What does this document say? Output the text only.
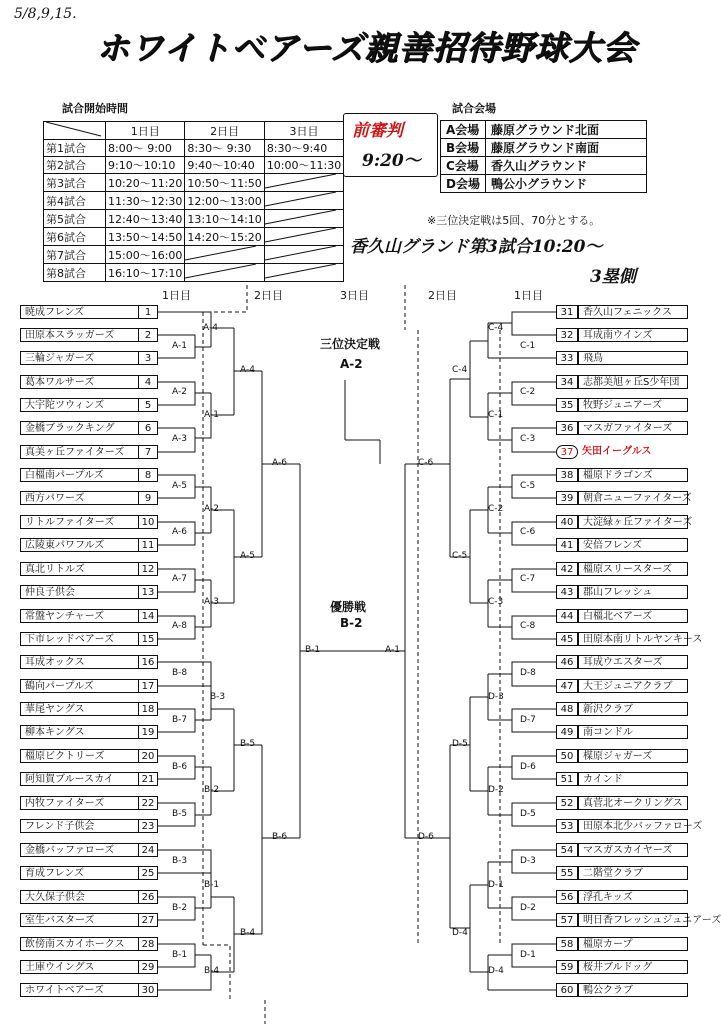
5/8,9,15.
ホワイトベアーズ親善招待野球大会
試合開始時間	試合会場
	1日目	2日目	3日目
第1試合	8:00～ 9:00	8:30～ 9:30	8:30～9:40
第2試合	9:10～10:10	9:40～10:40	10:00～11:30
第3試合	10:20～11:20	10:50～11:50	
第4試合	11:30～12:30	12:00～13:00	
第5試合	12:40～13:40	13:10～14:10	
第6試合	13:50～14:50	14:20～15:20	
第7試合	15:00～16:00		
第8試合	16:10～17:10		
前審判
9:20～
A会場	藤原グラウンド北面
B会場	藤原グラウンド南面
C会場	香久山グラウンド
D会場	鴨公小グラウンド
※三位決定戦は5回、70分とする。
香久山グランド第3試合10:20～
3塁側
1日目	2日目	3日目	2日目	1日目
三位決定戦
A-2
優勝戦
B-2
A-4
A-1
A-4
A-2
A-1
A-3
A-6
A-5
A-2
A-6
A-5
A-7
A-3
A-8
B-1
B-8
B-3
B-7
B-5
B-6
B-2
B-5
B-6
B-3
B-1
B-2
B-4
B-1
B-4
C-4
C-1
C-4
C-2
C-1
C-3
C-6
C-5
C-2
C-6
C-5
C-7
C-3
C-8
A-1
D-8
D-3
D-7
D-5
D-6
D-2
D-5
D-6
D-3
D-1
D-2
D-4
D-1
D-4
暁成フレンズ	1
田原本スラッガーズ	2
三輪ジャガーズ	3
葛本ワルサーズ	4
大宇陀ツウィンズ	5
金橋ブラックキング	6
真美ヶ丘ファイターズ	7
白橿南パープルズ	8
西方パワーズ	9
リトルファイターズ	10
広陵東パワフルズ	11
真北リトルズ	12
仲良子供会	13
常盤ヤンチャーズ	14
下市レッドベアーズ	15
耳成オックス	16
鶴向パープルズ	17
華尾ヤングス	18
柳本キングス	19
橿原ビクトリーズ	20
阿知賀ブルースカイ	21
内牧ファイターズ	22
フレンド子供会	23
金橋バッファローズ	24
育成フレンズ	25
大久保子供会	26
室生バスターズ	27
飲傍南スカイホークス	28
土庫ウイングス	29
ホワイトベアーズ	30
31 香久山フェニックス
32 耳成南ウインズ
33 飛鳥
34 志都美旭ヶ丘S少年団
35 牧野ジュニアーズ
36 マスガファイターズ
37 矢田イーグルス
38 橿原ドラゴンズ
39 朝倉ニューファイターズ
40 大淀緑ヶ丘ファイターズ
41 安倍フレンズ
42 橿原スリースターズ
43 郡山フレッシュ
44 白橿北ベアーズ
45 田原本南リトルヤンキース
46 耳成ウエスターズ
47 大王ジュニアクラブ
48 新沢クラブ
49 南コンドル
50 楳原ジャガーズ
51 カインド
52 真菅北オークリングス
53 田原本北少バッファローズ
54 マスガスカイヤーズ
55 二階堂クラブ
56 浮孔キッズ
57 明日香フレッシュジュニアーズ
58 橿原カープ
59 桜井ブルドッグ
60 鴨公クラブ
